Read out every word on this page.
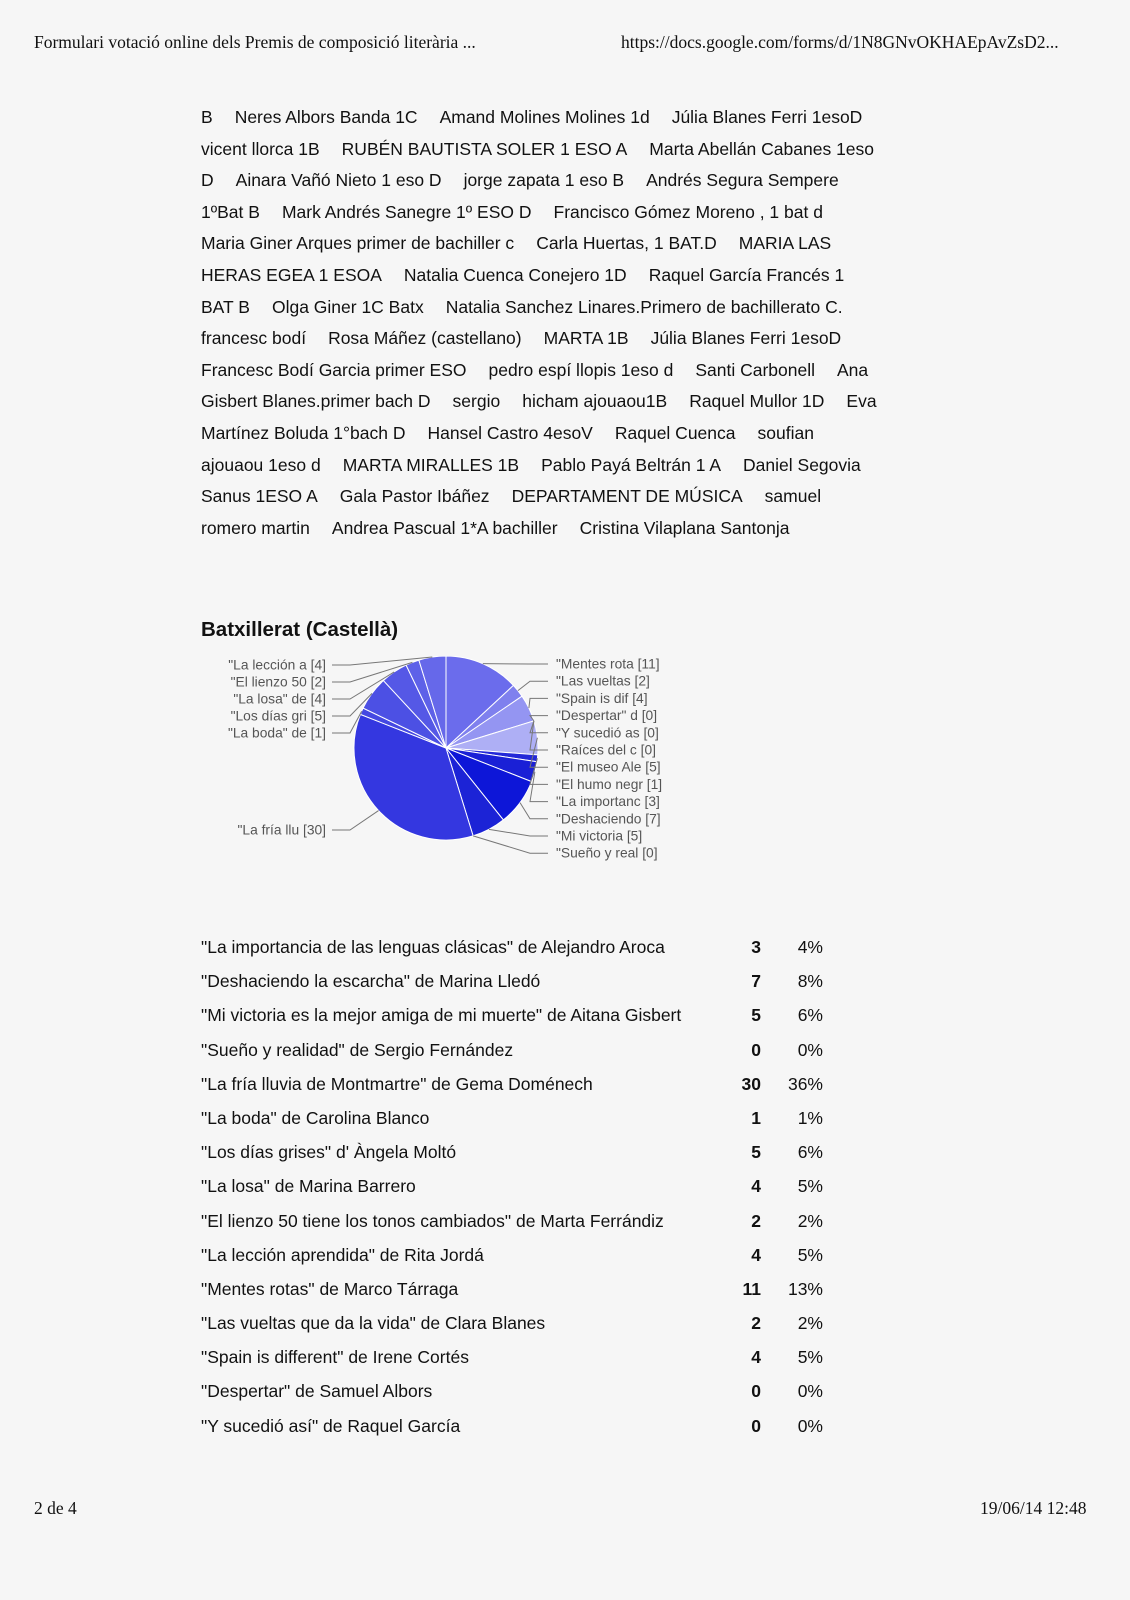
Formulari votació online dels Premis de composició literària ...	https://docs.google.com/forms/d/1N8GNvOKHAEpAvZsD2...
B Neres Albors Banda 1C Amand Molines Molines 1d Júlia Blanes Ferri 1esoD
vicent llorca 1B RUBÉN BAUTISTA SOLER 1 ESO A Marta Abellán Cabanes 1eso
D Ainara Vañó Nieto 1 eso D jorge zapata 1 eso B Andrés Segura Sempere
1ºBat B Mark Andrés Sanegre 1º ESO D Francisco Gómez Moreno , 1 bat d
Maria Giner Arques primer de bachiller c Carla Huertas, 1 BAT.D MARIA LAS
HERAS EGEA 1 ESOA Natalia Cuenca Conejero 1D Raquel García Francés 1
BAT B Olga Giner 1C Batx Natalia Sanchez Linares.Primero de bachillerato C.
francesc bodí Rosa Máñez (castellano) MARTA 1B Júlia Blanes Ferri 1esoD
Francesc Bodí Garcia primer ESO pedro espí llopis 1eso d Santi Carbonell Ana
Gisbert Blanes.primer bach D sergio hicham ajouaou1B Raquel Mullor 1D Eva
Martínez Boluda 1°bach D Hansel Castro 4esoV Raquel Cuenca soufian
ajouaou 1eso d MARTA MIRALLES 1B Pablo Payá Beltrán 1 A Daniel Segovia
Sanus 1ESO A Gala Pastor Ibáñez DEPARTAMENT DE MÚSICA samuel
romero martin Andrea Pascual 1*A bachiller Cristina Vilaplana Santonja
Batxillerat (Castellà)
"Mentes rota [11]
"Las vueltas [2]
"Spain is dif [4]
"Despertar" d [0]
"Y sucedió as [0]
"Raíces del c [0]
"El museo Ale [5]
"El humo negr [1]
"La importanc [3]
"Deshaciendo [7]
"Mi victoria [5]
"Sueño y real [0]
"La fría llu [30]
"La boda" de [1]
"Los días gri [5]
"La losa" de [4]
"El lienzo 50 [2]
"La lección a [4]
"La importancia de las lenguas clásicas" de Alejandro Aroca	3	4%
"Deshaciendo la escarcha" de Marina Lledó	7	8%
"Mi victoria es la mejor amiga de mi muerte" de Aitana Gisbert	5	6%
"Sueño y realidad" de Sergio Fernández	0	0%
"La fría lluvia de Montmartre" de Gema Doménech	30	36%
"La boda" de Carolina Blanco	1	1%
"Los días grises" d' Àngela Moltó	5	6%
"La losa" de Marina Barrero	4	5%
"El lienzo 50 tiene los tonos cambiados" de Marta Ferrándiz	2	2%
"La lección aprendida" de Rita Jordá	4	5%
"Mentes rotas" de Marco Tárraga	11	13%
"Las vueltas que da la vida" de Clara Blanes	2	2%
"Spain is different" de Irene Cortés	4	5%
"Despertar" de Samuel Albors	0	0%
"Y sucedió así" de Raquel García	0	0%
2 de 4	19/06/14 12:48
